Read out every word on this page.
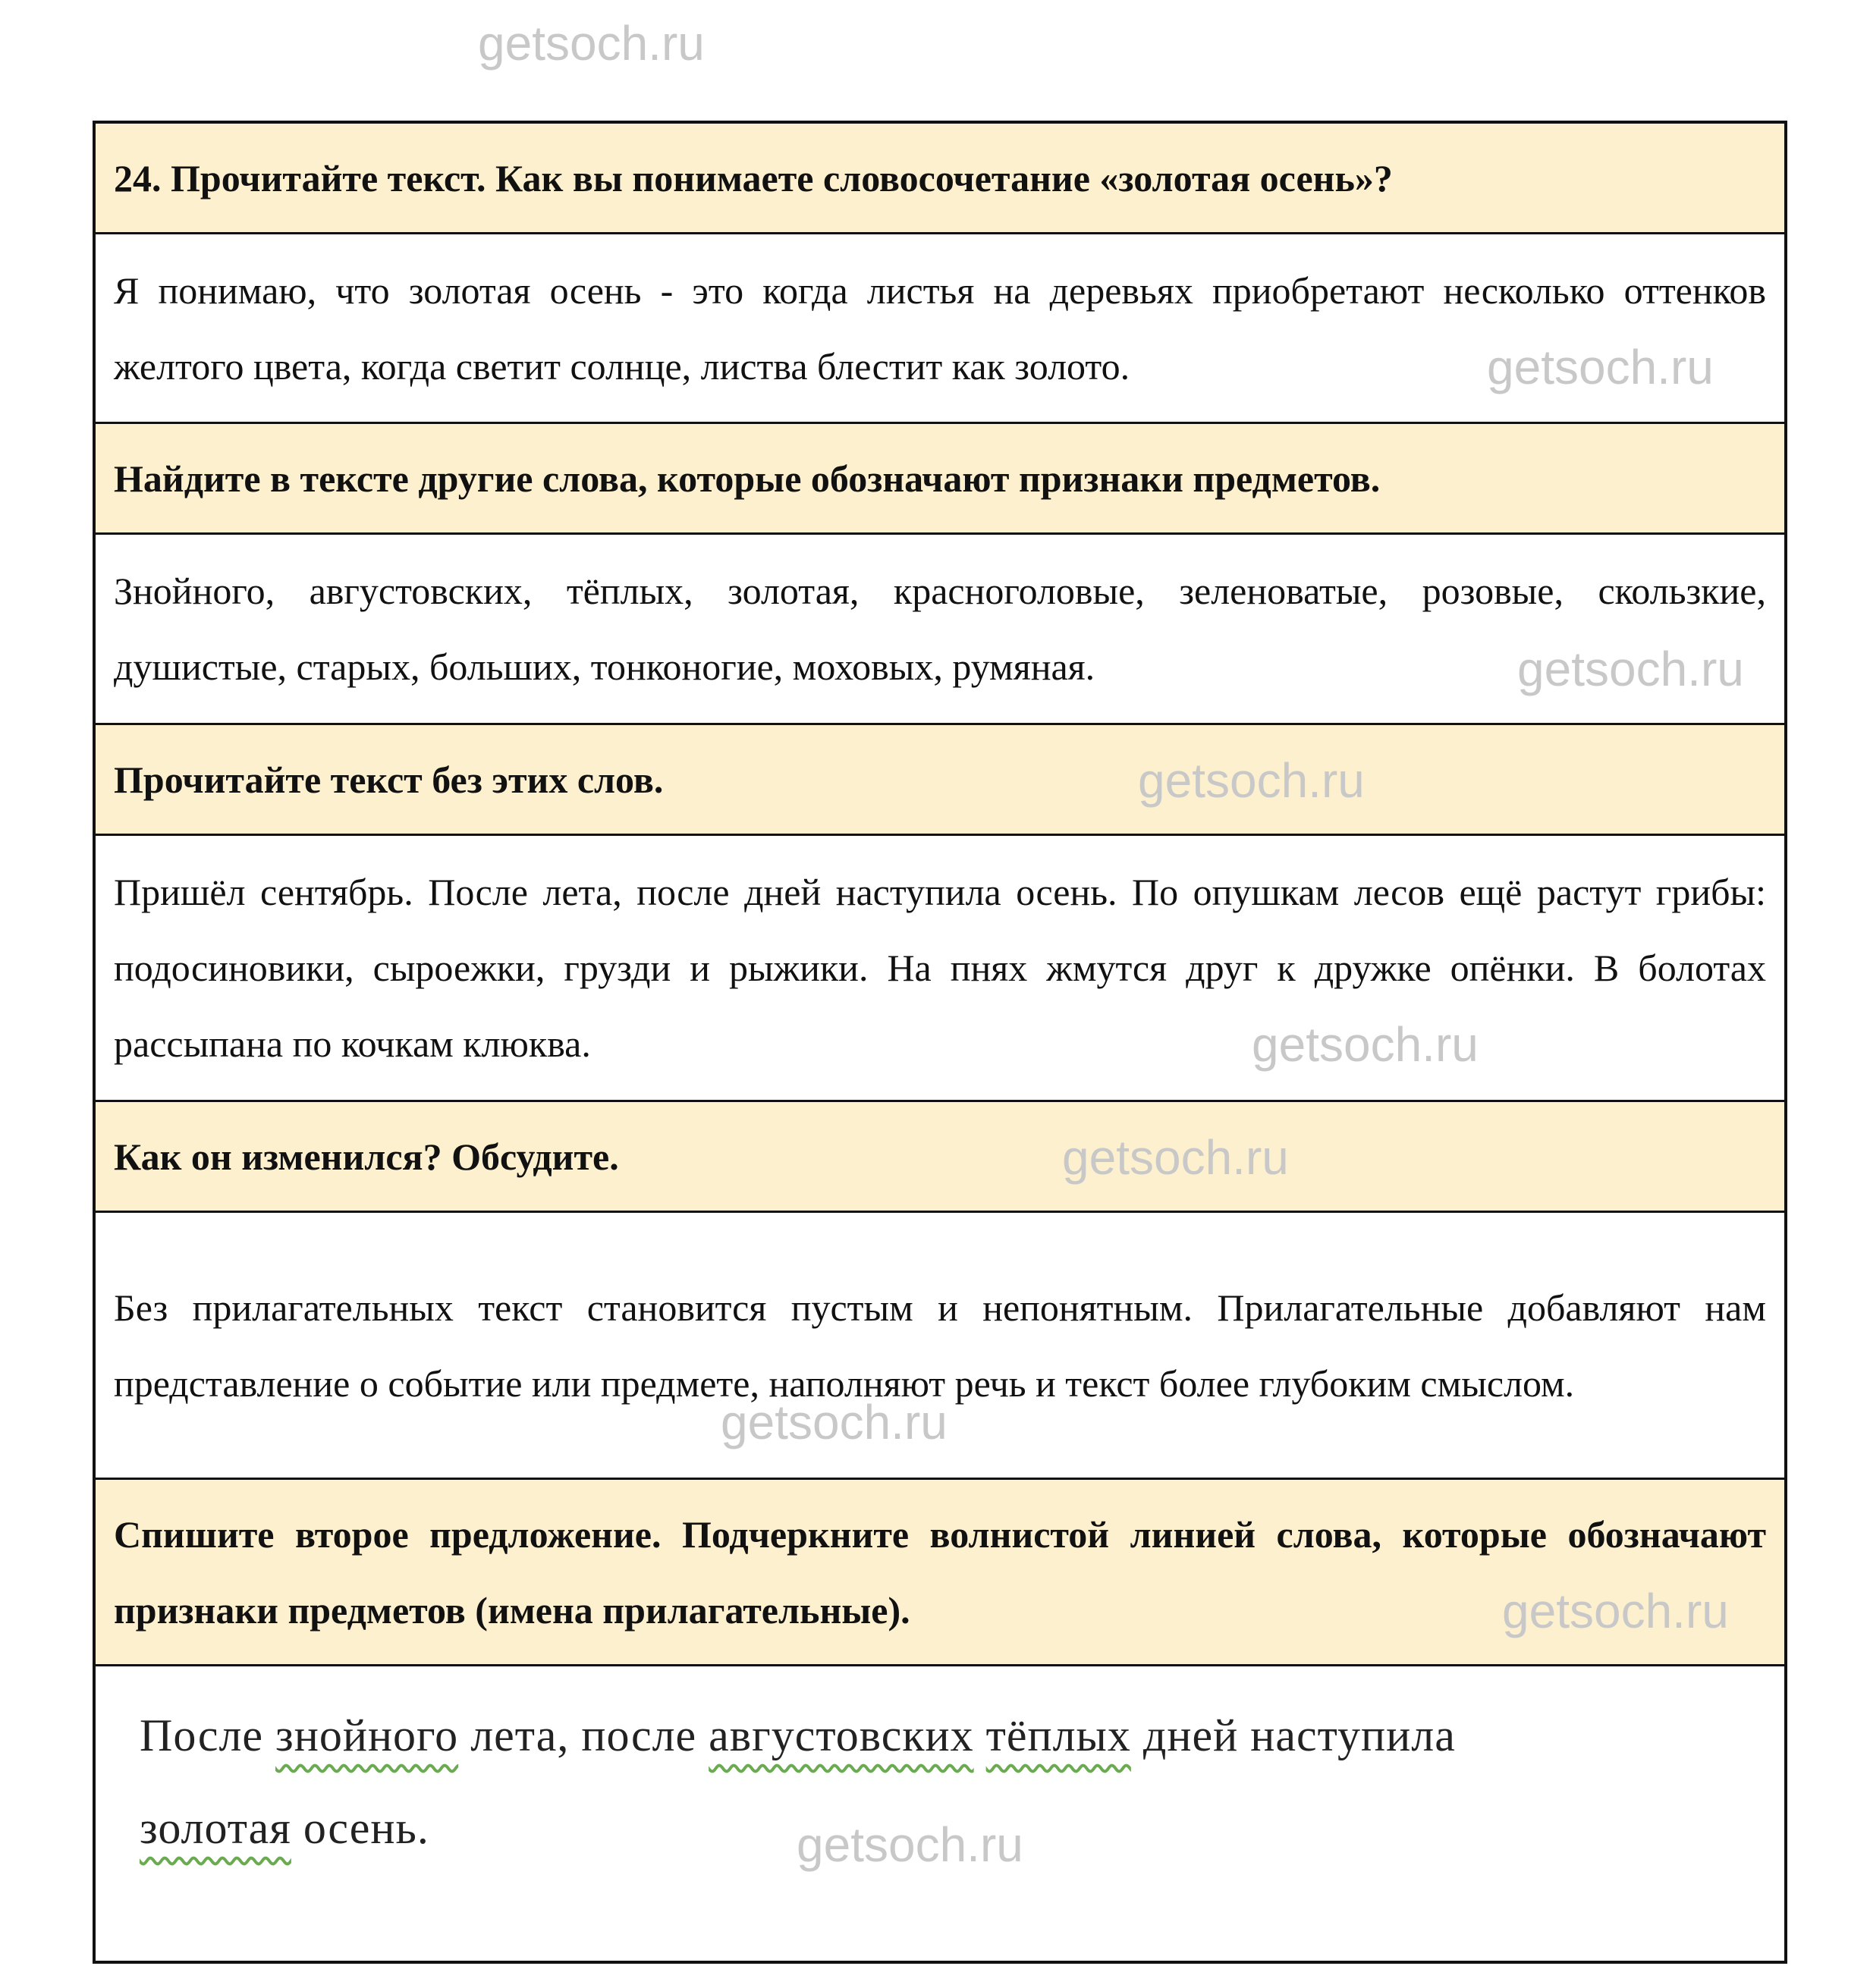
getsoch.ru
getsoch.ru
getsoch.ru
getsoch.ru
getsoch.ru
getsoch.ru
getsoch.ru
getsoch.ru
getsoch.ru
24. Прочитайте текст. Как вы понимаете словосочетание «золотая осень»?
Я понимаю, что золотая осень - это когда листья на деревьях приобретают несколько оттенков желтого цвета, когда светит солнце, листва блестит как золото.
Найдите в тексте другие слова, которые обозначают признаки предметов.
Знойного, августовских, тёплых, золотая, красноголовые, зеленоватые, розовые, скользкие, душистые, старых, больших, тонконогие, моховых, румяная.
Прочитайте текст без этих слов.
Пришёл сентябрь. После лета, после дней наступила осень. По опушкам лесов ещё растут грибы: подосиновики, сыроежки, грузди и рыжики. На пнях жмутся друг к дружке опёнки. В болотах рассыпана по кочкам клюква.
Как он изменился? Обсудите.
Без прилагательных текст становится пустым и непонятным. Прилагательные добавляют нам представление о событие или предмете, наполняют речь и текст более глубоким смыслом.
Спишите второе предложение. Подчеркните волнистой линией слова, которые обозначают признаки предметов (имена прилагательные).
После знойного лета, после августовских тёплых дней наступила
золотая осень.
